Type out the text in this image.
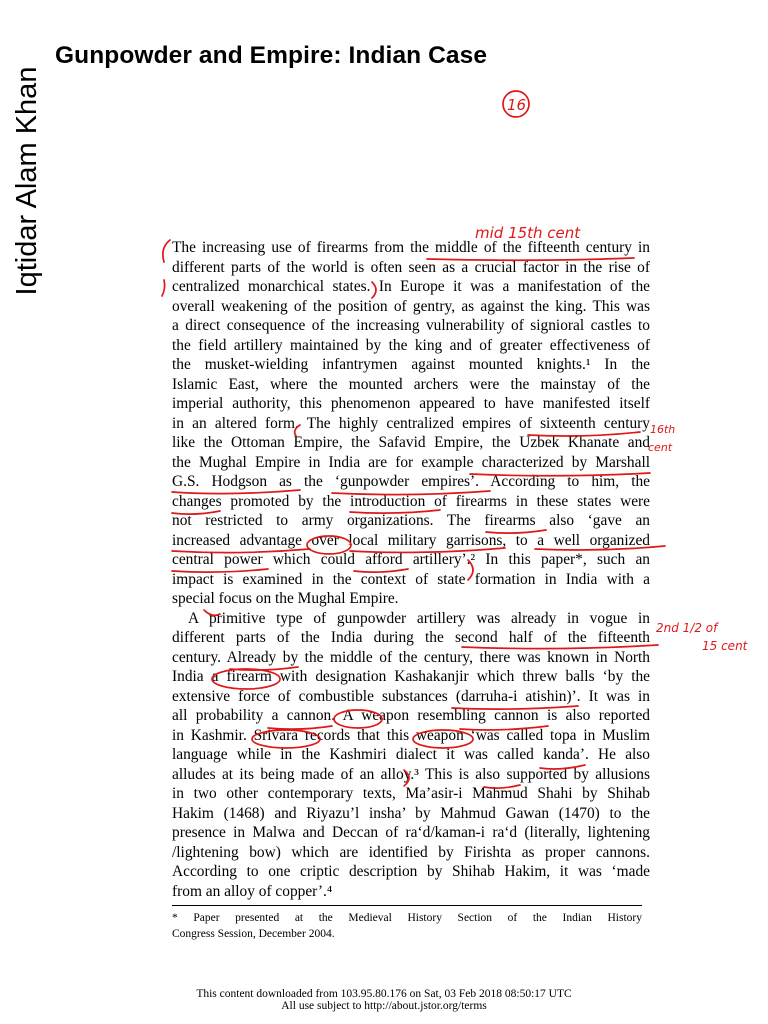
Gunpowder and Empire: Indian Case
Iqtidar Alam Khan	The increasing use of firearms from the middle of the fifteenth century in
different parts of the world is often seen as a crucial factor in the rise of
centralized monarchical states. In Europe it was a manifestation of the
overall weakening of the position of gentry, as against the king. This was
a direct consequence of the increasing vulnerability of signioral castles to
the field artillery maintained by the king and of greater effectiveness of
the musket-wielding infantrymen against mounted knights.¹ In the
Islamic East, where the mounted archers were the mainstay of the
imperial authority, this phenomenon appeared to have manifested itself
in an altered form. The highly centralized empires of sixteenth century
like the Ottoman Empire, the Safavid Empire, the Uzbek Khanate and
the Mughal Empire in India are for example characterized by Marshall
G.S. Hodgson as the ‘gunpowder empires’. According to him, the
changes promoted by the introduction of firearms in these states were
not restricted to army organizations. The firearms also ‘gave an
increased advantage over local military garrisons, to a well organized
central power which could afford artillery’.² In this paper*, such an
impact is examined in the context of state formation in India with a
special focus on the Mughal Empire.
A primitive type of gunpowder artillery was already in vogue in
different parts of the India during the second half of the fifteenth
century. Already by the middle of the century, there was known in North
India a firearm with designation Kashakanjir which threw balls ‘by the
extensive force of combustible substances (darruha-i atishin)’. It was in
all probability a cannon. A weapon resembling cannon is also reported
in Kashmir. Srivara records that this weapon ‘was called topa in Muslim
language while in the Kashmiri dialect it was called kanda’. He also
alludes at its being made of an alloy.³ This is also supported by allusions
in two other contemporary texts, Ma’asir-i Mahmud Shahi by Shihab
Hakim (1468) and Riyazu’l insha’ by Mahmud Gawan (1470) to the
presence in Malwa and Deccan of ra‘d/kaman-i ra‘d (literally, lightening
/lightening bow) which are identified by Firishta as proper cannons.
According to one criptic description by Shihab Hakim, it was ‘made
from an alloy of copper’.⁴
* Paper presented at the Medieval History Section of the Indian History
Congress Session, December 2004.
This content downloaded from 103.95.80.176 on Sat, 03 Feb 2018 08:50:17 UTC
All use subject to http://about.jstor.org/terms
16
mid 15th cent
16th
cent
2nd 1/2 of
15 cent
